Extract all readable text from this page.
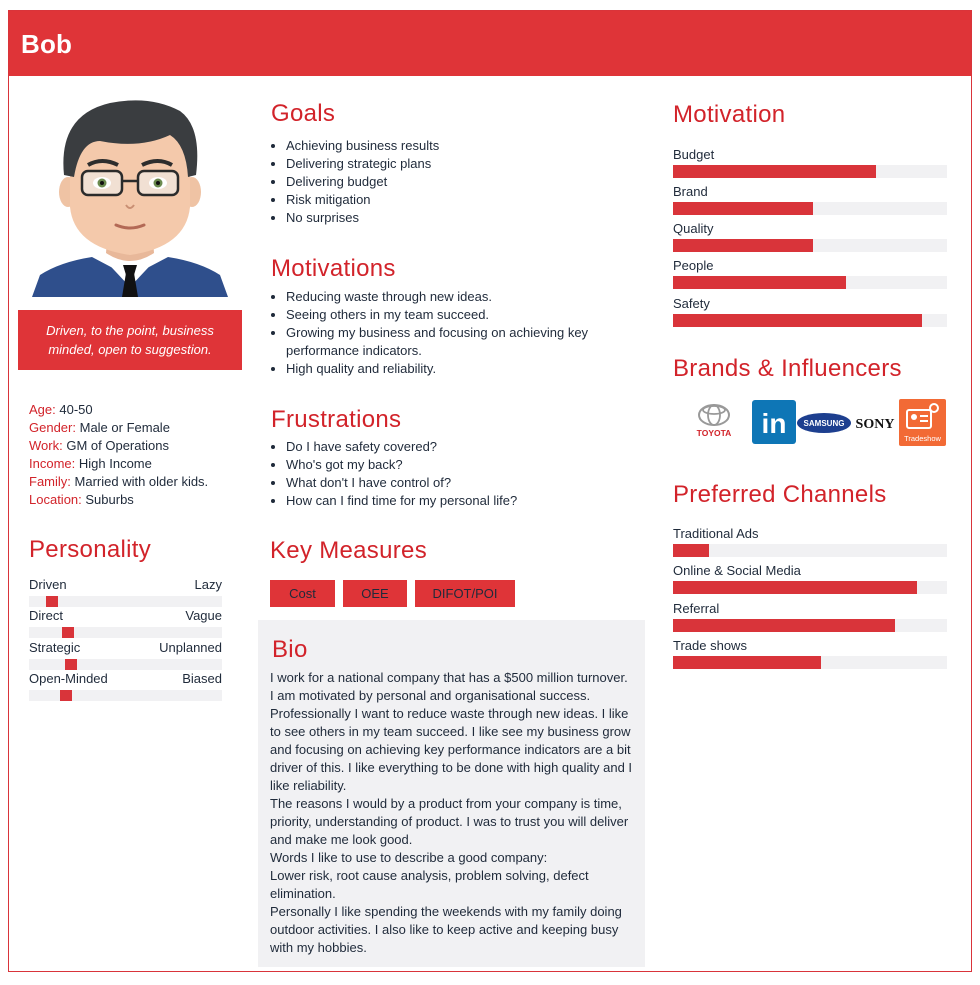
Bob
Driven, to the point, business minded, open to suggestion.
Age: 40-50
Gender: Male or Female
Work: GM of Operations
Income: High Income
Family: Married with older kids.
Location: Suburbs
Personality
Driven	Lazy
Direct	Vague
Strategic	Unplanned
Open-Minded	Biased
Goals
• Achieving business results
• Delivering strategic plans
• Delivering budget
• Risk mitigation
• No surprises
Motivations
• Reducing waste through new ideas.
• Seeing others in my team succeed.
• Growing my business and focusing on achieving key performance indicators.
• High quality and reliability.
Frustrations
• Do I have safety covered?
• Who's got my back?
• What don't I have control of?
• How can I find time for my personal life?
Key Measures
Cost	OEE	DIFOT/POI
Bio
I work for a national company that has a $500 million turnover. I am motivated by personal and organisational success.
Professionally I want to reduce waste through new ideas. I like to see others in my team succeed. I like see my business grow and focusing on achieving key performance indicators are a bit driver of this. I like everything to be done with high quality and I like reliability.
The reasons I would by a product from your company is time, priority, understanding of product. I was to trust you will deliver and make me look good.
Words I like to use to describe a good company:
Lower risk, root cause analysis, problem solving, defect elimination.
Personally I like spending the weekends with my family doing outdoor activities. I also like to keep active and keeping busy with my hobbies.
Motivation
Budget
Brand
Quality
People
Safety
Brands & Influencers
TOYOTA in SAMSUNG SONY
Tradeshow
Preferred Channels
Traditional Ads
Online & Social Media
Referral
Trade shows
